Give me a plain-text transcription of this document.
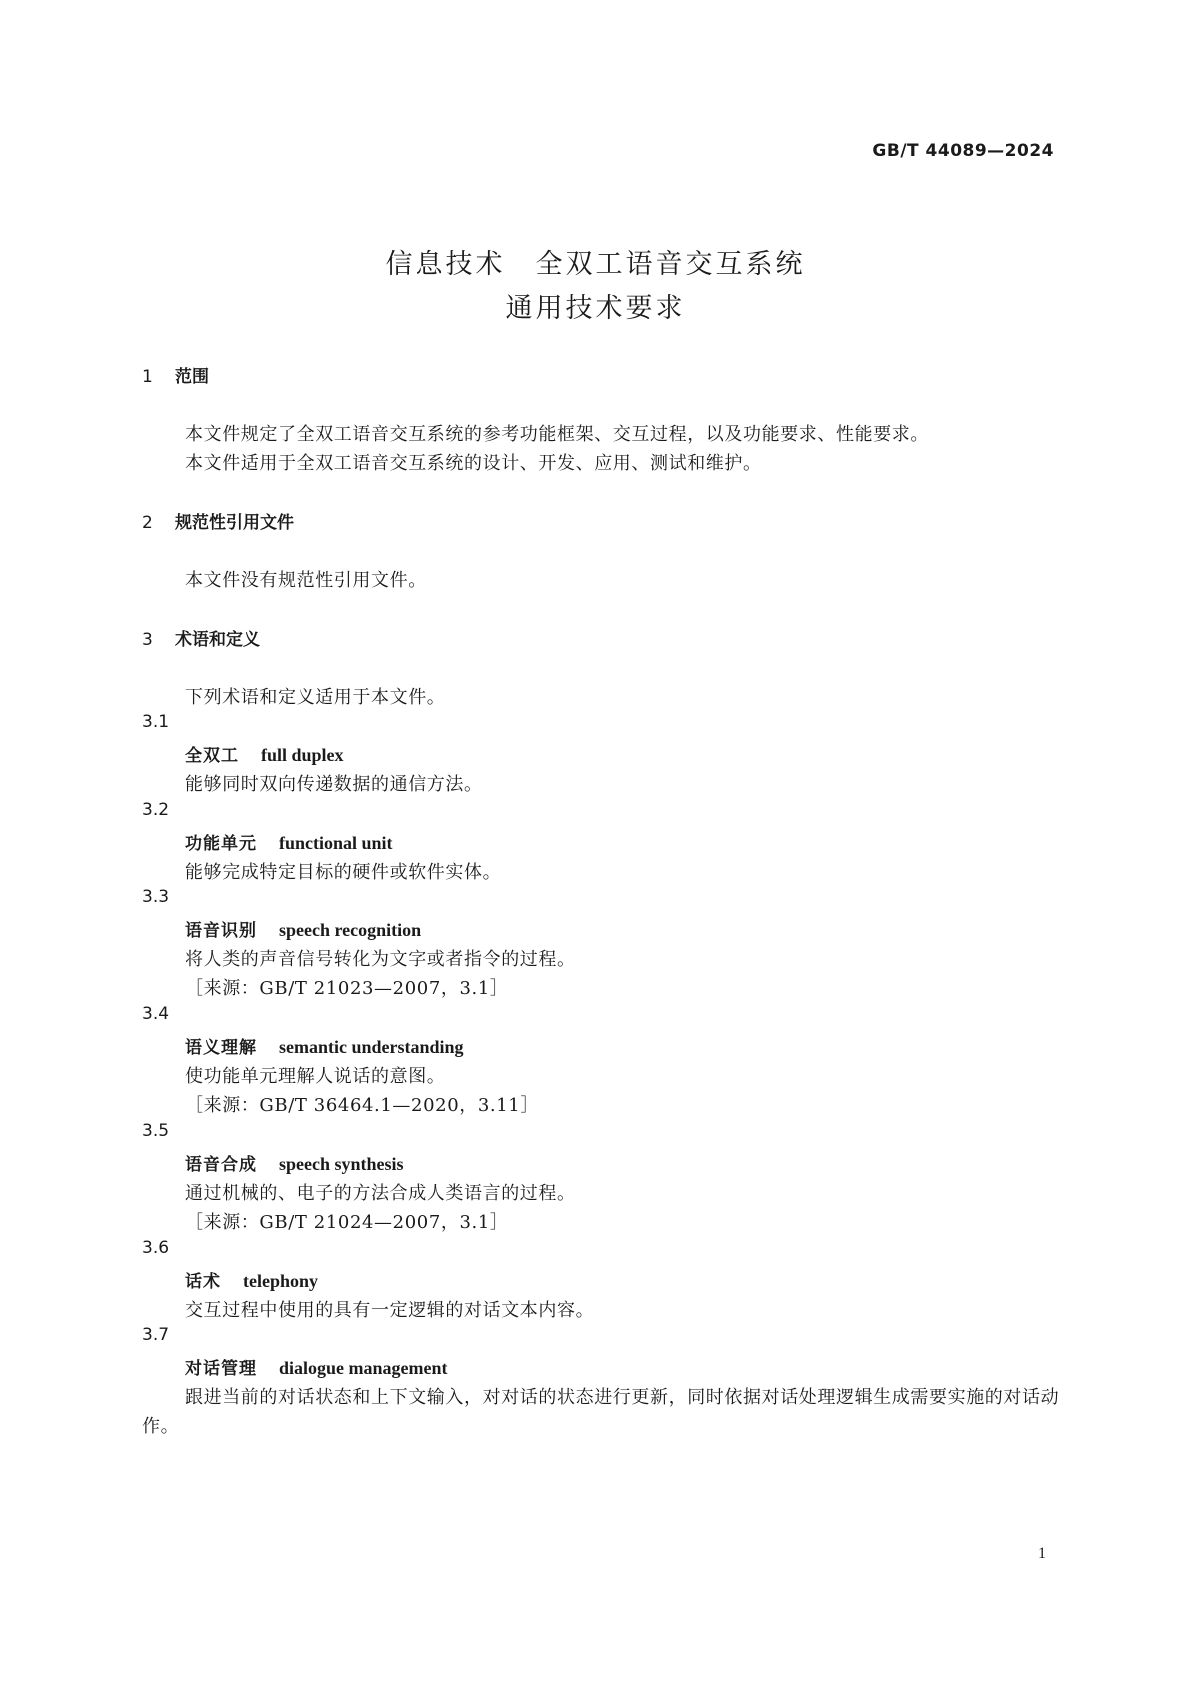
GB/T 44089—2024
信息技术　全双工语音交互系统
通用技术要求
1 范围

本文件规定了全双工语音交互系统的参考功能框架、交互过程，以及功能要求、性能要求。

本文件适用于全双工语音交互系统的设计、开发、应用、测试和维护。

2 规范性引用文件

本文件没有规范性引用文件。

3 术语和定义

下列术语和定义适用于本文件。

3.1
全双工 full duplex

能够同时双向传递数据的通信方法。

3.2
功能单元 functional unit

能够完成特定目标的硬件或软件实体。

3.3
语音识别 speech recognition

将人类的声音信号转化为文字或者指令的过程。

［来源：GB/T 21023—2007，3.1］

3.4
语义理解 semantic understanding

使功能单元理解人说话的意图。

［来源：GB/T 36464.1—2020，3.11］

3.5
语音合成 speech synthesis

通过机械的、电子的方法合成人类语言的过程。

［来源：GB/T 21024—2007，3.1］

3.6
话术 telephony

交互过程中使用的具有一定逻辑的对话文本内容。

3.7
对话管理 dialogue management

跟进当前的对话状态和上下文输入，对对话的状态进行更新，同时依据对话处理逻辑生成需要实施的对话动作。

1
